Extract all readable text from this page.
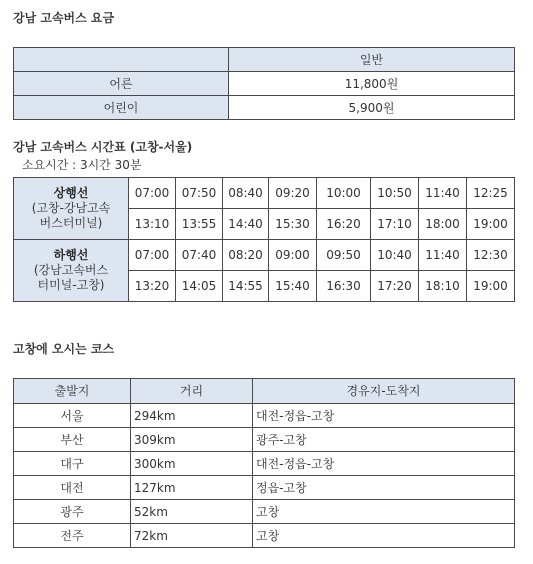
강남 고속버스 요금
	일반
어른	11,800원
어린이	5,900원
강남 고속버스 시간표 (고창-서울)
소요시간 : 3시간 30분
상행선
(고창-강남고속
버스터미널)	07:00	07:50	08:40	09:20	10:00	10:50	11:40	12:25
	13:10	13:55	14:40	15:30	16:20	17:10	18:00	19:00

하행선
(강남고속버스
터미널-고창)	07:00	07:40	08:20	09:00	09:50	10:40	11:40	12:30
	13:20	14:05	14:55	15:40	16:30	17:20	18:10	19:00
고창에 오시는 코스
출발지	거리	경유지-도착지
서울	294km	대전-정읍-고창
부산	309km	광주-고창
대구	300km	대전-정읍-고창
대전	127km	정읍-고창
광주	52km	고창
전주	72km	고창
